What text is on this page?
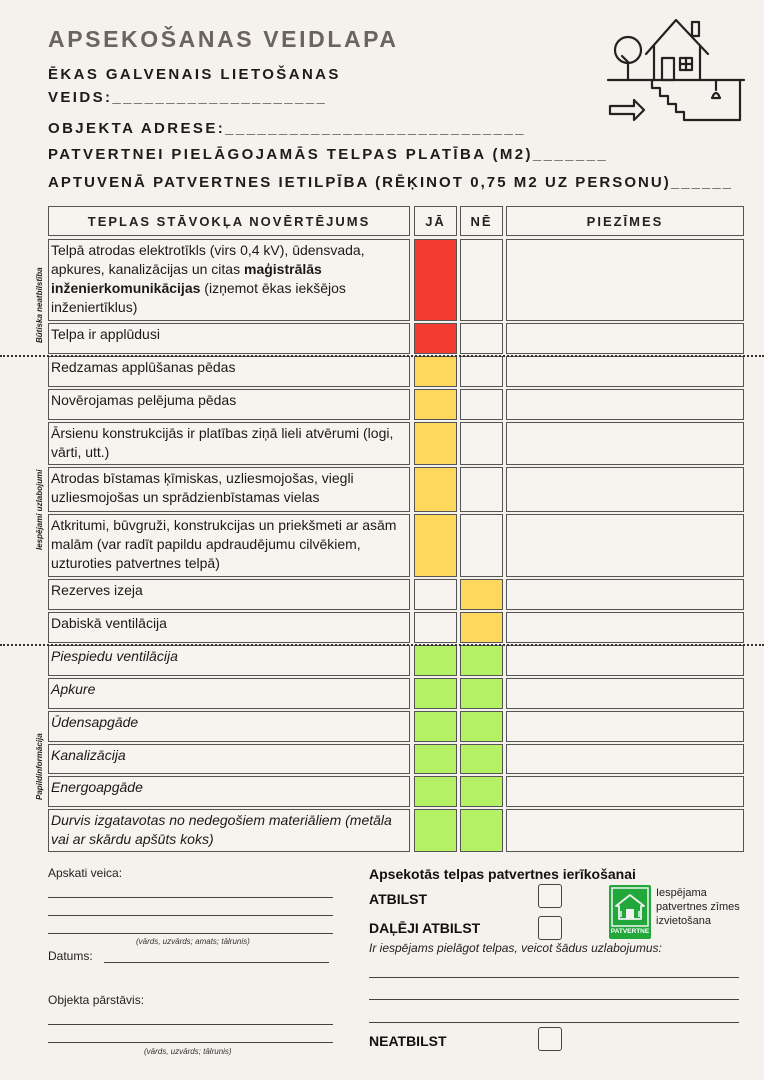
APSEKOŠANAS VEIDLAPA
ĒKAS GALVENAIS LIETOŠANAS
VEIDS:____________________
OBJEKTA ADRESE:____________________________
PATVERTNEI PIELĀGOJAMĀS TELPAS PLATĪBA (M2)_______
APTUVENĀ PATVERTNES IETILPĪBA (RĒĶINOT 0,75 M2 UZ PERSONU)______
TEPLAS STĀVOKĻA NOVĒRTĒJUMS	JĀ	NĒ	PIEZĪMES
Telpā atrodas elektrotīkls (virs 0,4 kV), ūdensvada, apkures, kanalizācijas un citas maģistrālās inženierkomunikācijas (izņemot ēkas iekšējos inženiertīklus)
Telpa ir applūdusi
Redzamas applūšanas pēdas
Novērojamas pelējuma pēdas
Ārsienu konstrukcijās ir platības ziņā lieli atvērumi (logi, vārti, utt.)
Atrodas bīstamas ķīmiskas, uzliesmojošas, viegli uzliesmojošas un sprādzienbīstamas vielas
Atkritumi, būvgruži, konstrukcijas un priekšmeti ar asām malām (var radīt papildu apdraudējumu cilvēkiem, uzturoties patvertnes telpā)
Rezerves izeja
Dabiskā ventilācija
Piespiedu ventilācija
Apkure
Ūdensapgāde
Kanalizācija
Energoapgāde
Durvis izgatavotas no nedegošiem materiāliem (metāla vai ar skārdu apšūts koks)
Būtiska neatbilstība
Iespējami uzlabojumi
Papildinformācija
Apskati veica:
(vārds, uzvārds; amats; tālrunis)
Datums:
Objekta pārstāvis:
(vārds, uzvārds; tālrunis)
Apsekotās telpas patvertnes ierīkošanai
ATBILST
DAĻĒJI ATBILST
Ir iespējams pielāgot telpas, veicot šādus uzlabojumus:
NEATBILST
PATVERTNE
Iespējama patvertnes zīmes izvietošana
